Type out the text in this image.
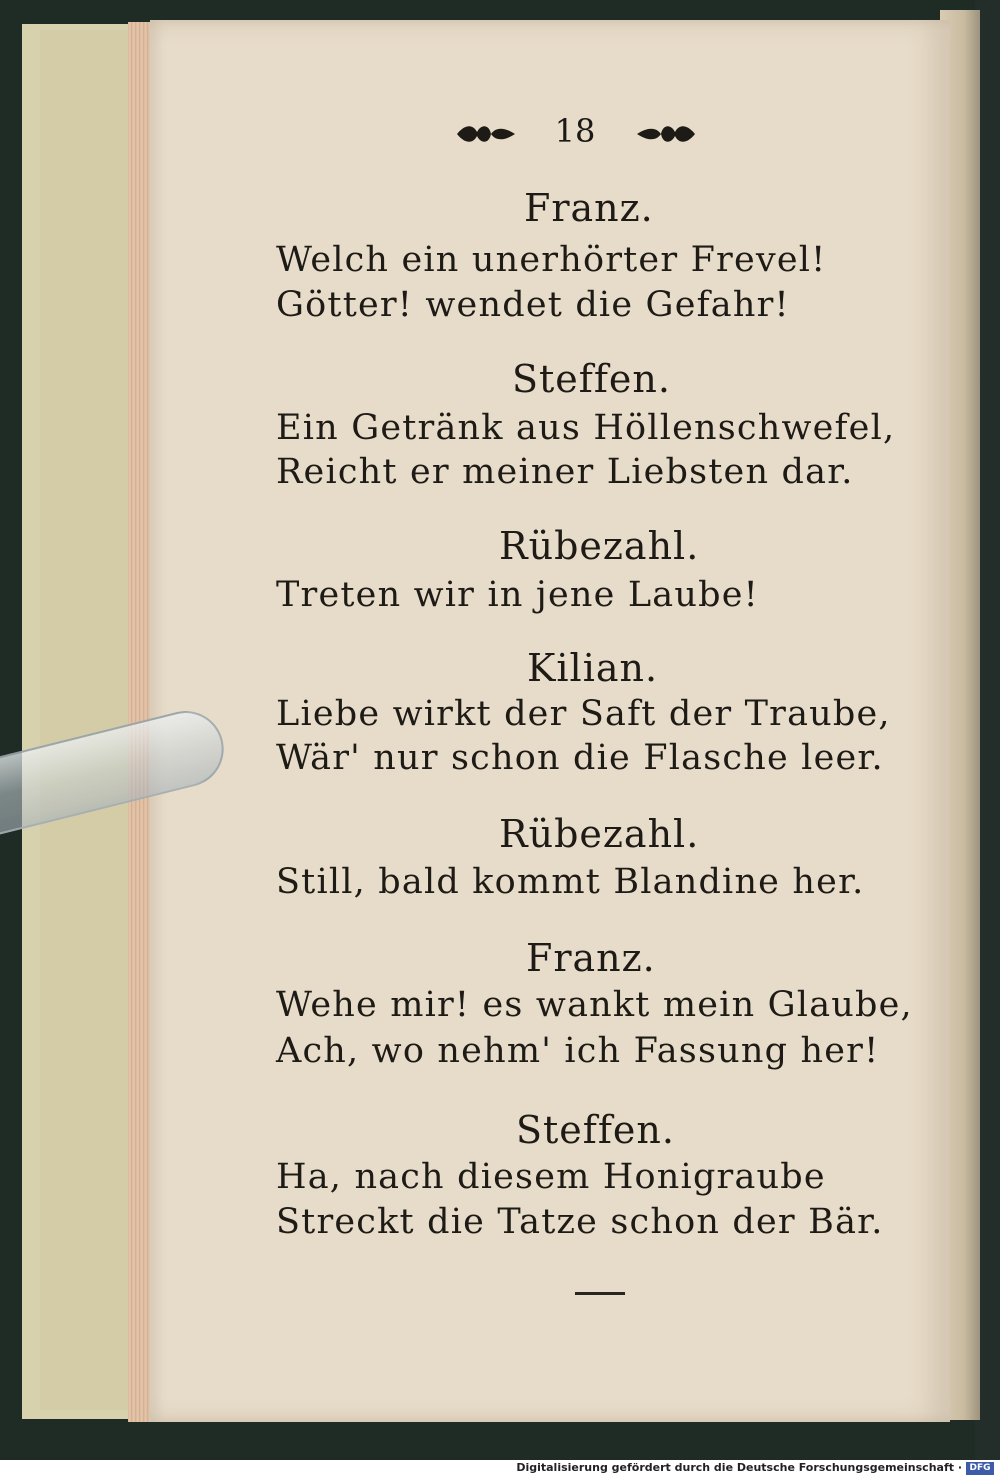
18
Franz.
Welch ein unerhörter Frevel!
Götter! wendet die Gefahr!
Steffen.
Ein Getränk aus Höllenschwefel,
Reicht er meiner Liebsten dar.
Rübezahl.
Treten wir in jene Laube!
Kilian.
Liebe wirkt der Saft der Traube,
Wär' nur schon die Flasche leer.
Rübezahl.
Still, bald kommt Blandine her.
Franz.
Wehe mir! es wankt mein Glaube,
Ach, wo nehm' ich Fassung her!
Steffen.
Ha, nach diesem Honigraube
Streckt die Tatze schon der Bär.
Digitalisierung gefördert durch die Deutsche Forschungsgemeinschaft · DFG
